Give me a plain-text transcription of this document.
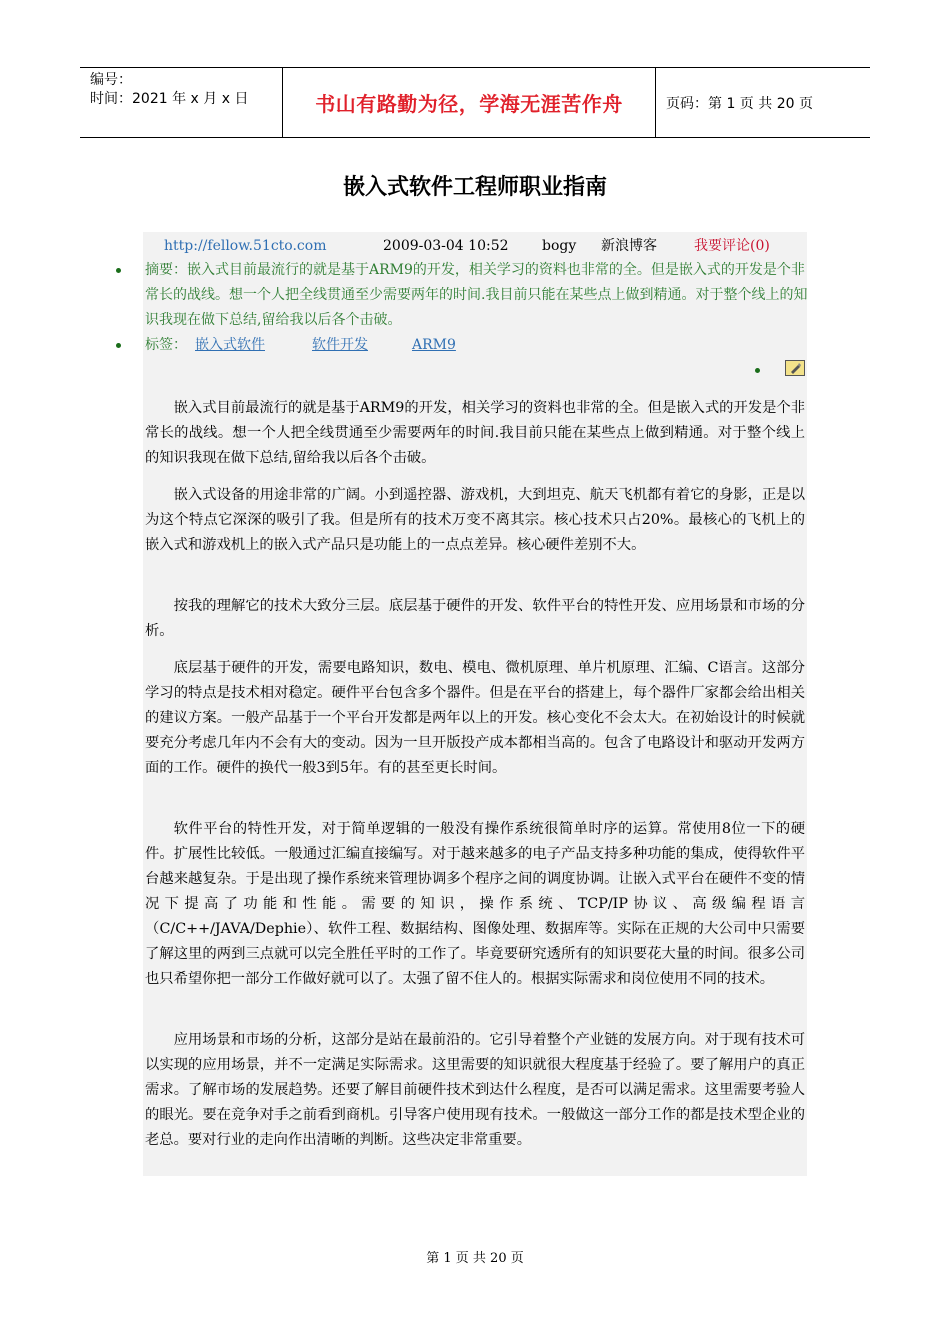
编号：
时间：2021 年 x 月 x 日	书山有路勤为径，学海无涯苦作舟	页码：第 1 页 共 20 页
嵌入式软件工程师职业指南
http://fellow.51cto.com	2009-03-04 10:52 bogy 新浪博客	我要评论(0)
摘要：嵌入式目前最流行的就是基于ARM9的开发，相关学习的资料也非常的全。但是嵌入式的开发是个非常长的战线。想一个人把全线贯通至少需要两年的时间.我目前只能在某些点上做到精通。对于整个线上的知识我现在做下总结,留给我以后各个击破。
标签： 嵌入式软件	软件开发	ARM9

嵌入式目前最流行的就是基于ARM9的开发，相关学习的资料也非常的全。但是嵌入式的开发是个非常长的战线。想一个人把全线贯通至少需要两年的时间.我目前只能在某些点上做到精通。对于整个线上的知识我现在做下总结,留给我以后各个击破。

嵌入式设备的用途非常的广阔。小到遥控器、游戏机，大到坦克、航天飞机都有着它的身影，正是以为这个特点它深深的吸引了我。但是所有的技术万变不离其宗。核心技术只占20%。最核心的飞机上的嵌入式和游戏机上的嵌入式产品只是功能上的一点点差异。核心硬件差别不大。

按我的理解它的技术大致分三层。底层基于硬件的开发、软件平台的特性开发、应用场景和市场的分析。

底层基于硬件的开发，需要电路知识，数电、模电、微机原理、单片机原理、汇编、C语言。这部分学习的特点是技术相对稳定。硬件平台包含多个器件。但是在平台的搭建上，每个器件厂家都会给出相关的建议方案。一般产品基于一个平台开发都是两年以上的开发。核心变化不会太大。在初始设计的时候就要充分考虑几年内不会有大的变动。因为一旦开版投产成本都相当高的。包含了电路设计和驱动开发两方面的工作。硬件的换代一般3到5年。有的甚至更长时间。

软件平台的特性开发，对于简单逻辑的一般没有操作系统很简单时序的运算。常使用8位一下的硬件。扩展性比较低。一般通过汇编直接编写。对于越来越多的电子产品支持多种功能的集成，使得软件平台越来越复杂。于是出现了操作系统来管理协调多个程序之间的调度协调。让嵌入式平台在硬件不变的情况下提高了功能和性能。需要的知识，操作系统、TCP/IP协议、高级编程语言（C/C++/JAVA/Dephie）、软件工程、数据结构、图像处理、数据库等。实际在正规的大公司中只需要了解这里的两到三点就可以完全胜任平时的工作了。毕竟要研究透所有的知识要花大量的时间。很多公司也只希望你把一部分工作做好就可以了。太强了留不住人的。根据实际需求和岗位使用不同的技术。

应用场景和市场的分析，这部分是站在最前沿的。它引导着整个产业链的发展方向。对于现有技术可以实现的应用场景，并不一定满足实际需求。这里需要的知识就很大程度基于经验了。要了解用户的真正需求。了解市场的发展趋势。还要了解目前硬件技术到达什么程度，是否可以满足需求。这里需要考验人的眼光。要在竞争对手之前看到商机。引导客户使用现有技术。一般做这一部分工作的都是技术型企业的老总。要对行业的走向作出清晰的判断。这些决定非常重要。

第 1 页 共 20 页
